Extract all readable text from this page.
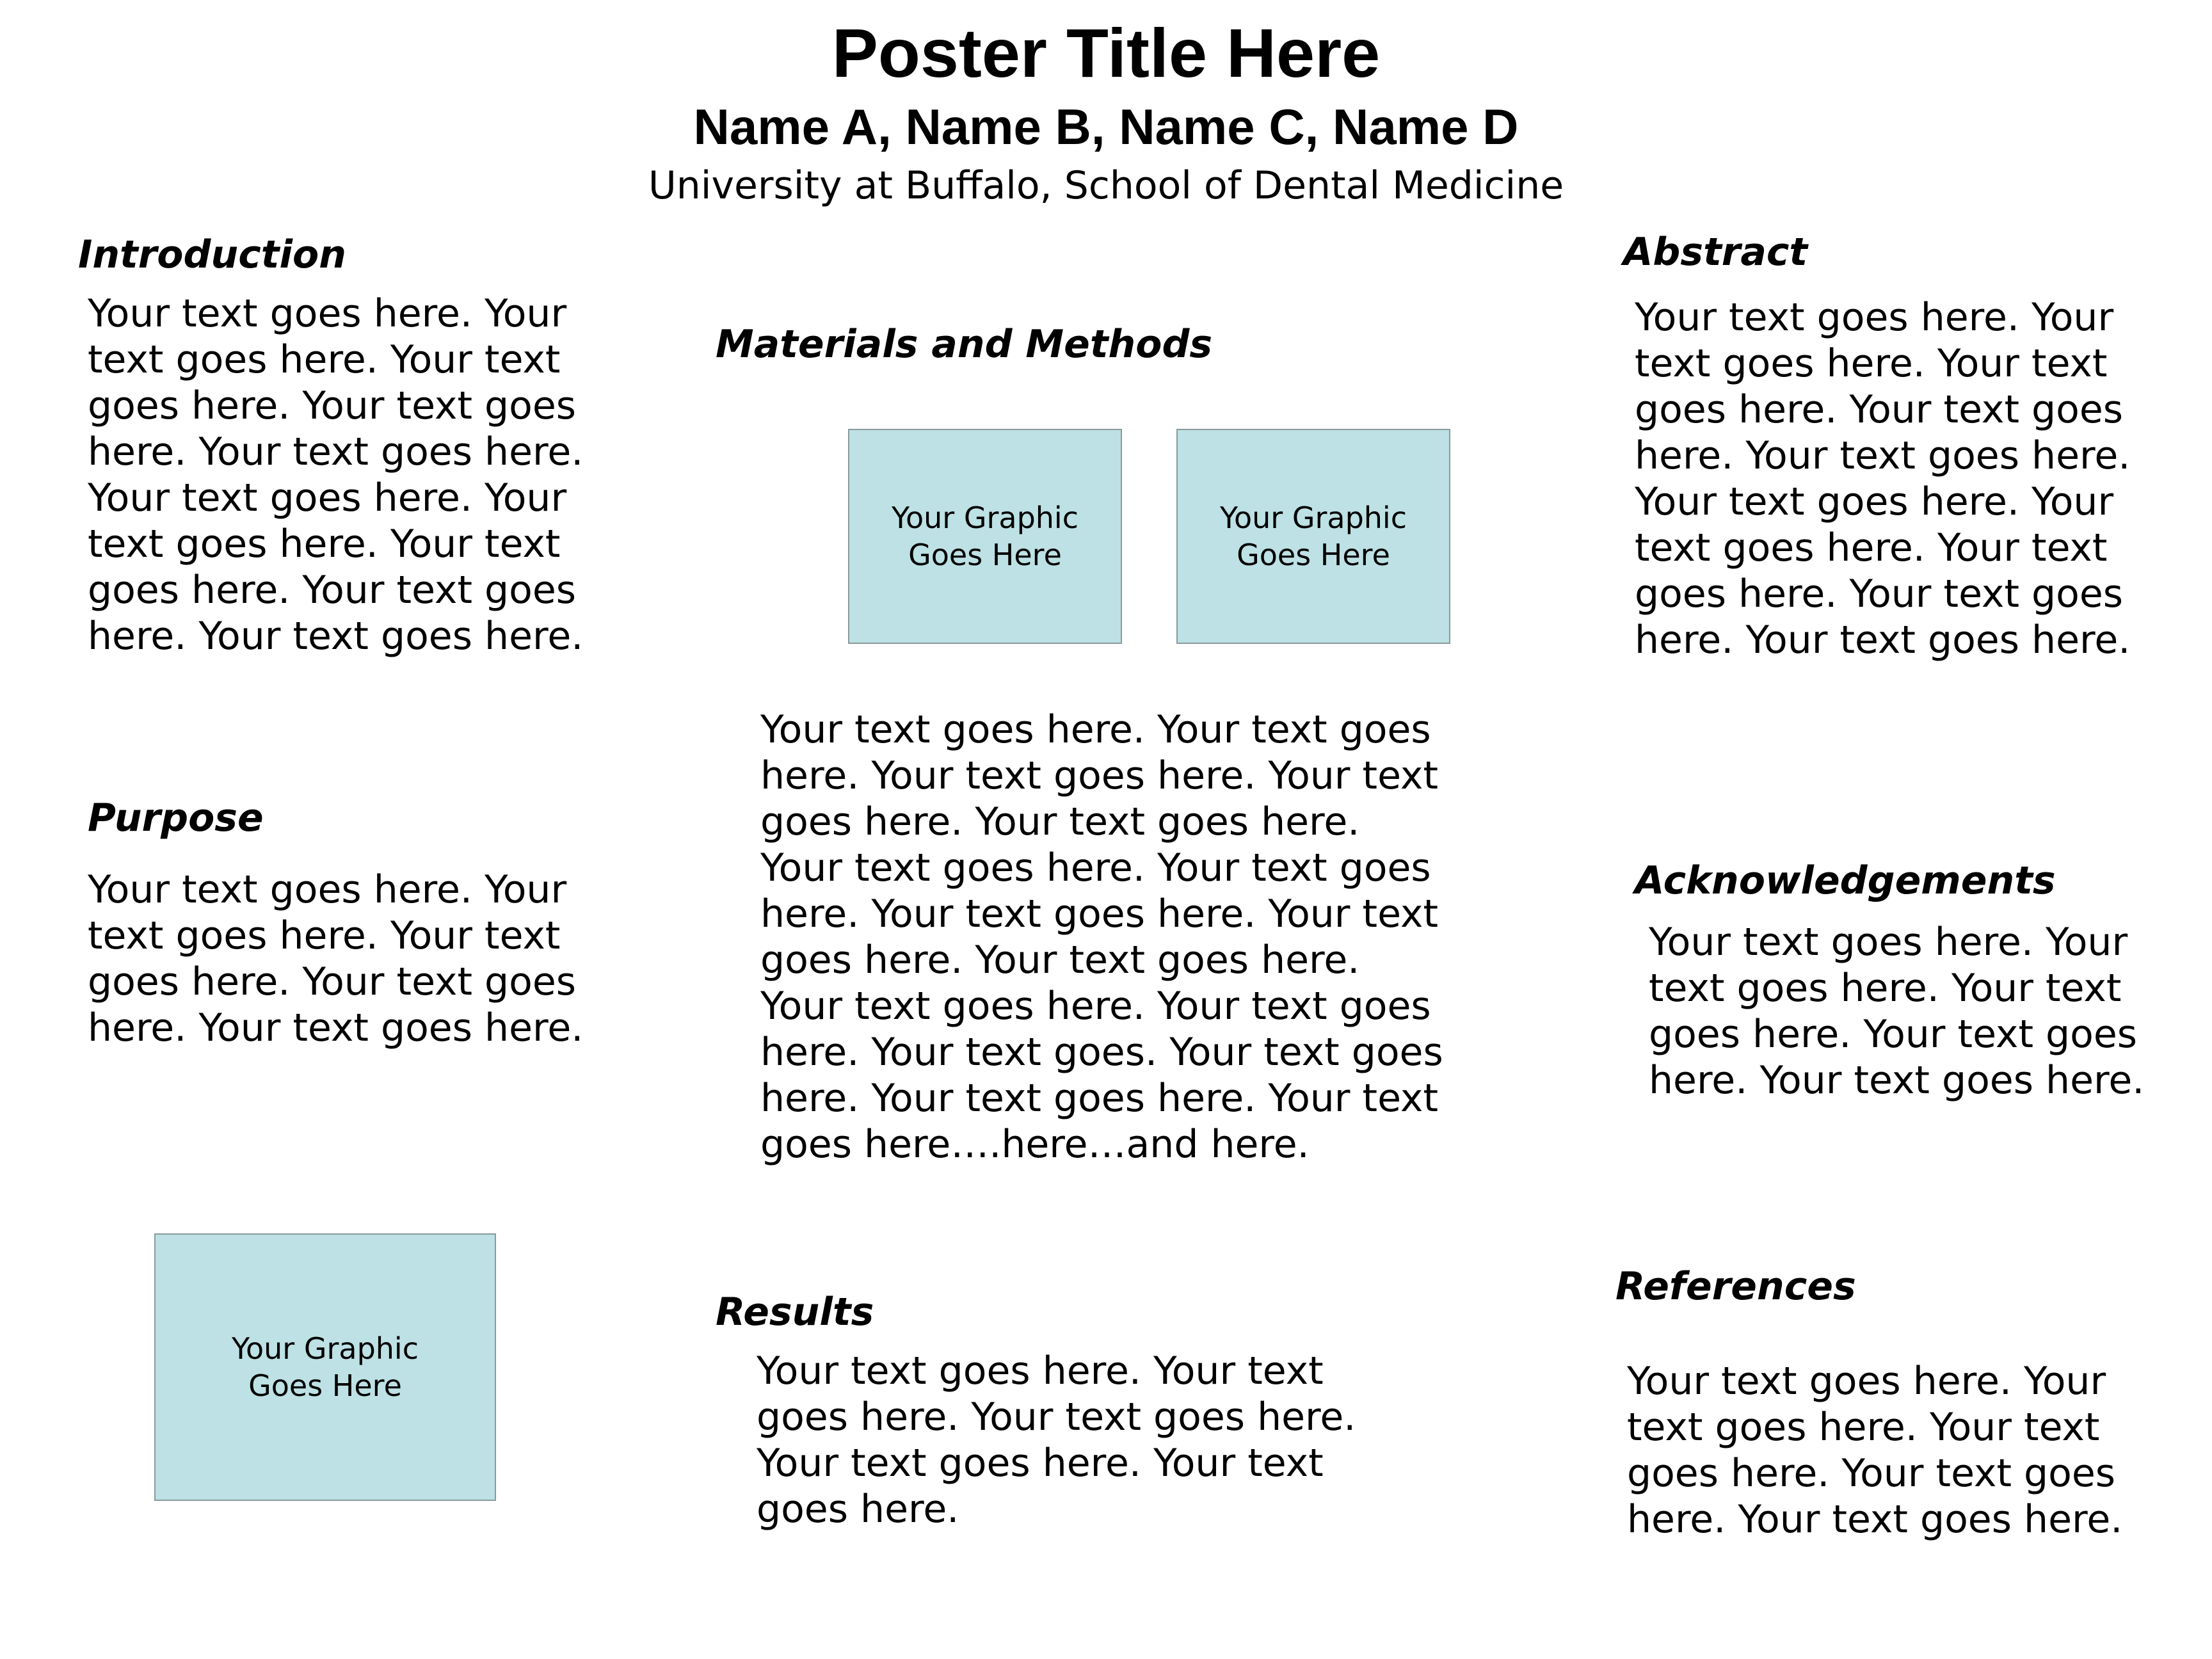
Poster Title Here
Name A, Name B, Name C, Name D
University at Buffalo, School of Dental Medicine
Introduction
Your text goes here. Your
text goes here. Your text
goes here. Your text goes
here. Your text goes here.
Your text goes here. Your
text goes here. Your text
goes here. Your text goes
here. Your text goes here.
Purpose
Your text goes here. Your
text goes here. Your text
goes here. Your text goes
here. Your text goes here.
Your Graphic
Goes Here
Materials and Methods
Your Graphic
Goes Here
Your Graphic
Goes Here
Your text goes here. Your text goes
here. Your text goes here. Your text
goes here. Your text goes here.
Your text goes here. Your text goes
here. Your text goes here. Your text
goes here. Your text goes here.
Your text goes here. Your text goes
here. Your text goes. Your text goes
here. Your text goes here. Your text
goes here….here…and here.
Results
Your text goes here. Your text
goes here. Your text goes here.
Your text goes here. Your text
goes here.
Abstract
Your text goes here. Your
text goes here. Your text
goes here. Your text goes
here. Your text goes here.
Your text goes here. Your
text goes here. Your text
goes here. Your text goes
here. Your text goes here.
Acknowledgements
Your text goes here. Your
text goes here. Your text
goes here. Your text goes
here. Your text goes here.
References
Your text goes here. Your
text goes here. Your text
goes here. Your text goes
here. Your text goes here.
